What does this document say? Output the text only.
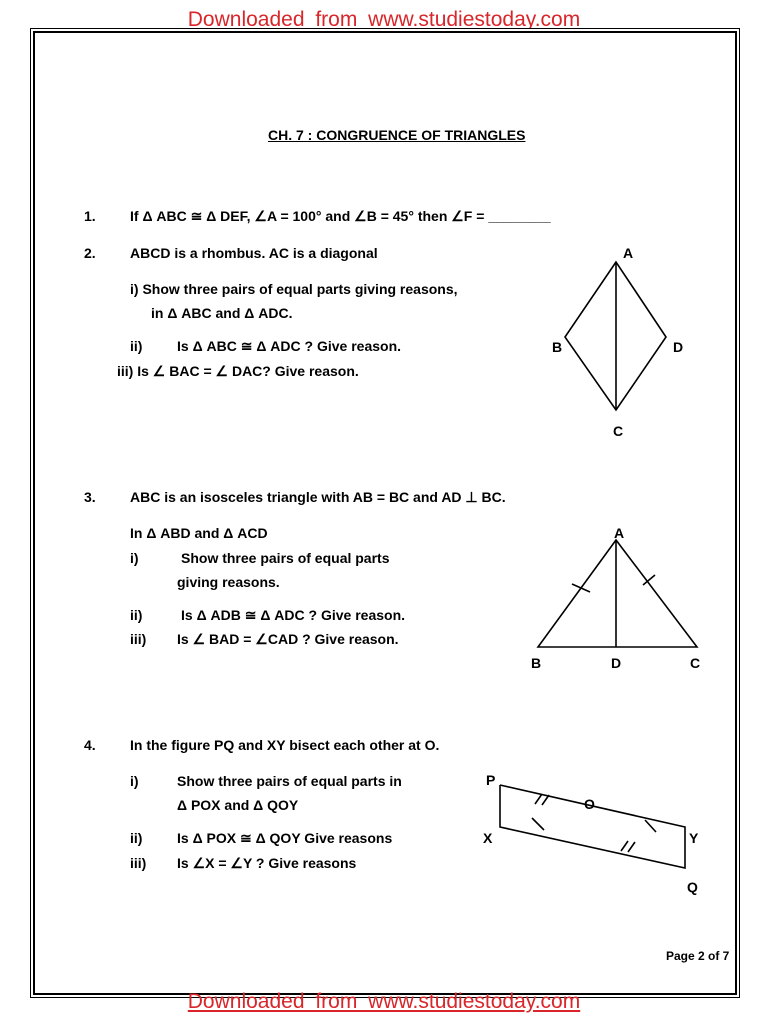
Downloaded from www.studiestoday.com
CH. 7 : CONGRUENCE OF TRIANGLES
1. If Δ ABC ≅ Δ DEF, ∠A = 100° and ∠B = 45° then ∠F = ________
2. ABCD is a rhombus. AC is a diagonal
i) Show three pairs of equal parts giving reasons,
in Δ ABC and Δ ADC.
ii) Is Δ ABC ≅ Δ ADC ? Give reason.
iii) Is ∠ BAC = ∠ DAC? Give reason.
A
B	D
C
3. ABC is an isosceles triangle with AB = BC and AD ⊥ BC.
In Δ ABD and Δ ACD
i)	Show three pairs of equal parts
giving reasons.
ii)	Is Δ ADB ≅ Δ ADC ? Give reason.
iii) Is ∠ BAD = ∠CAD ? Give reason.
A
B	D	C
4. In the figure PQ and XY bisect each other at O.
i)	Show three pairs of equal parts in
Δ POX and Δ QOY
ii) Is Δ POX ≅ Δ QOY Give reasons
iii) Is ∠X = ∠Y ? Give reasons
P
O
X	Y
Q
Page 2 of 7
Downloaded from www.studiestoday.com
